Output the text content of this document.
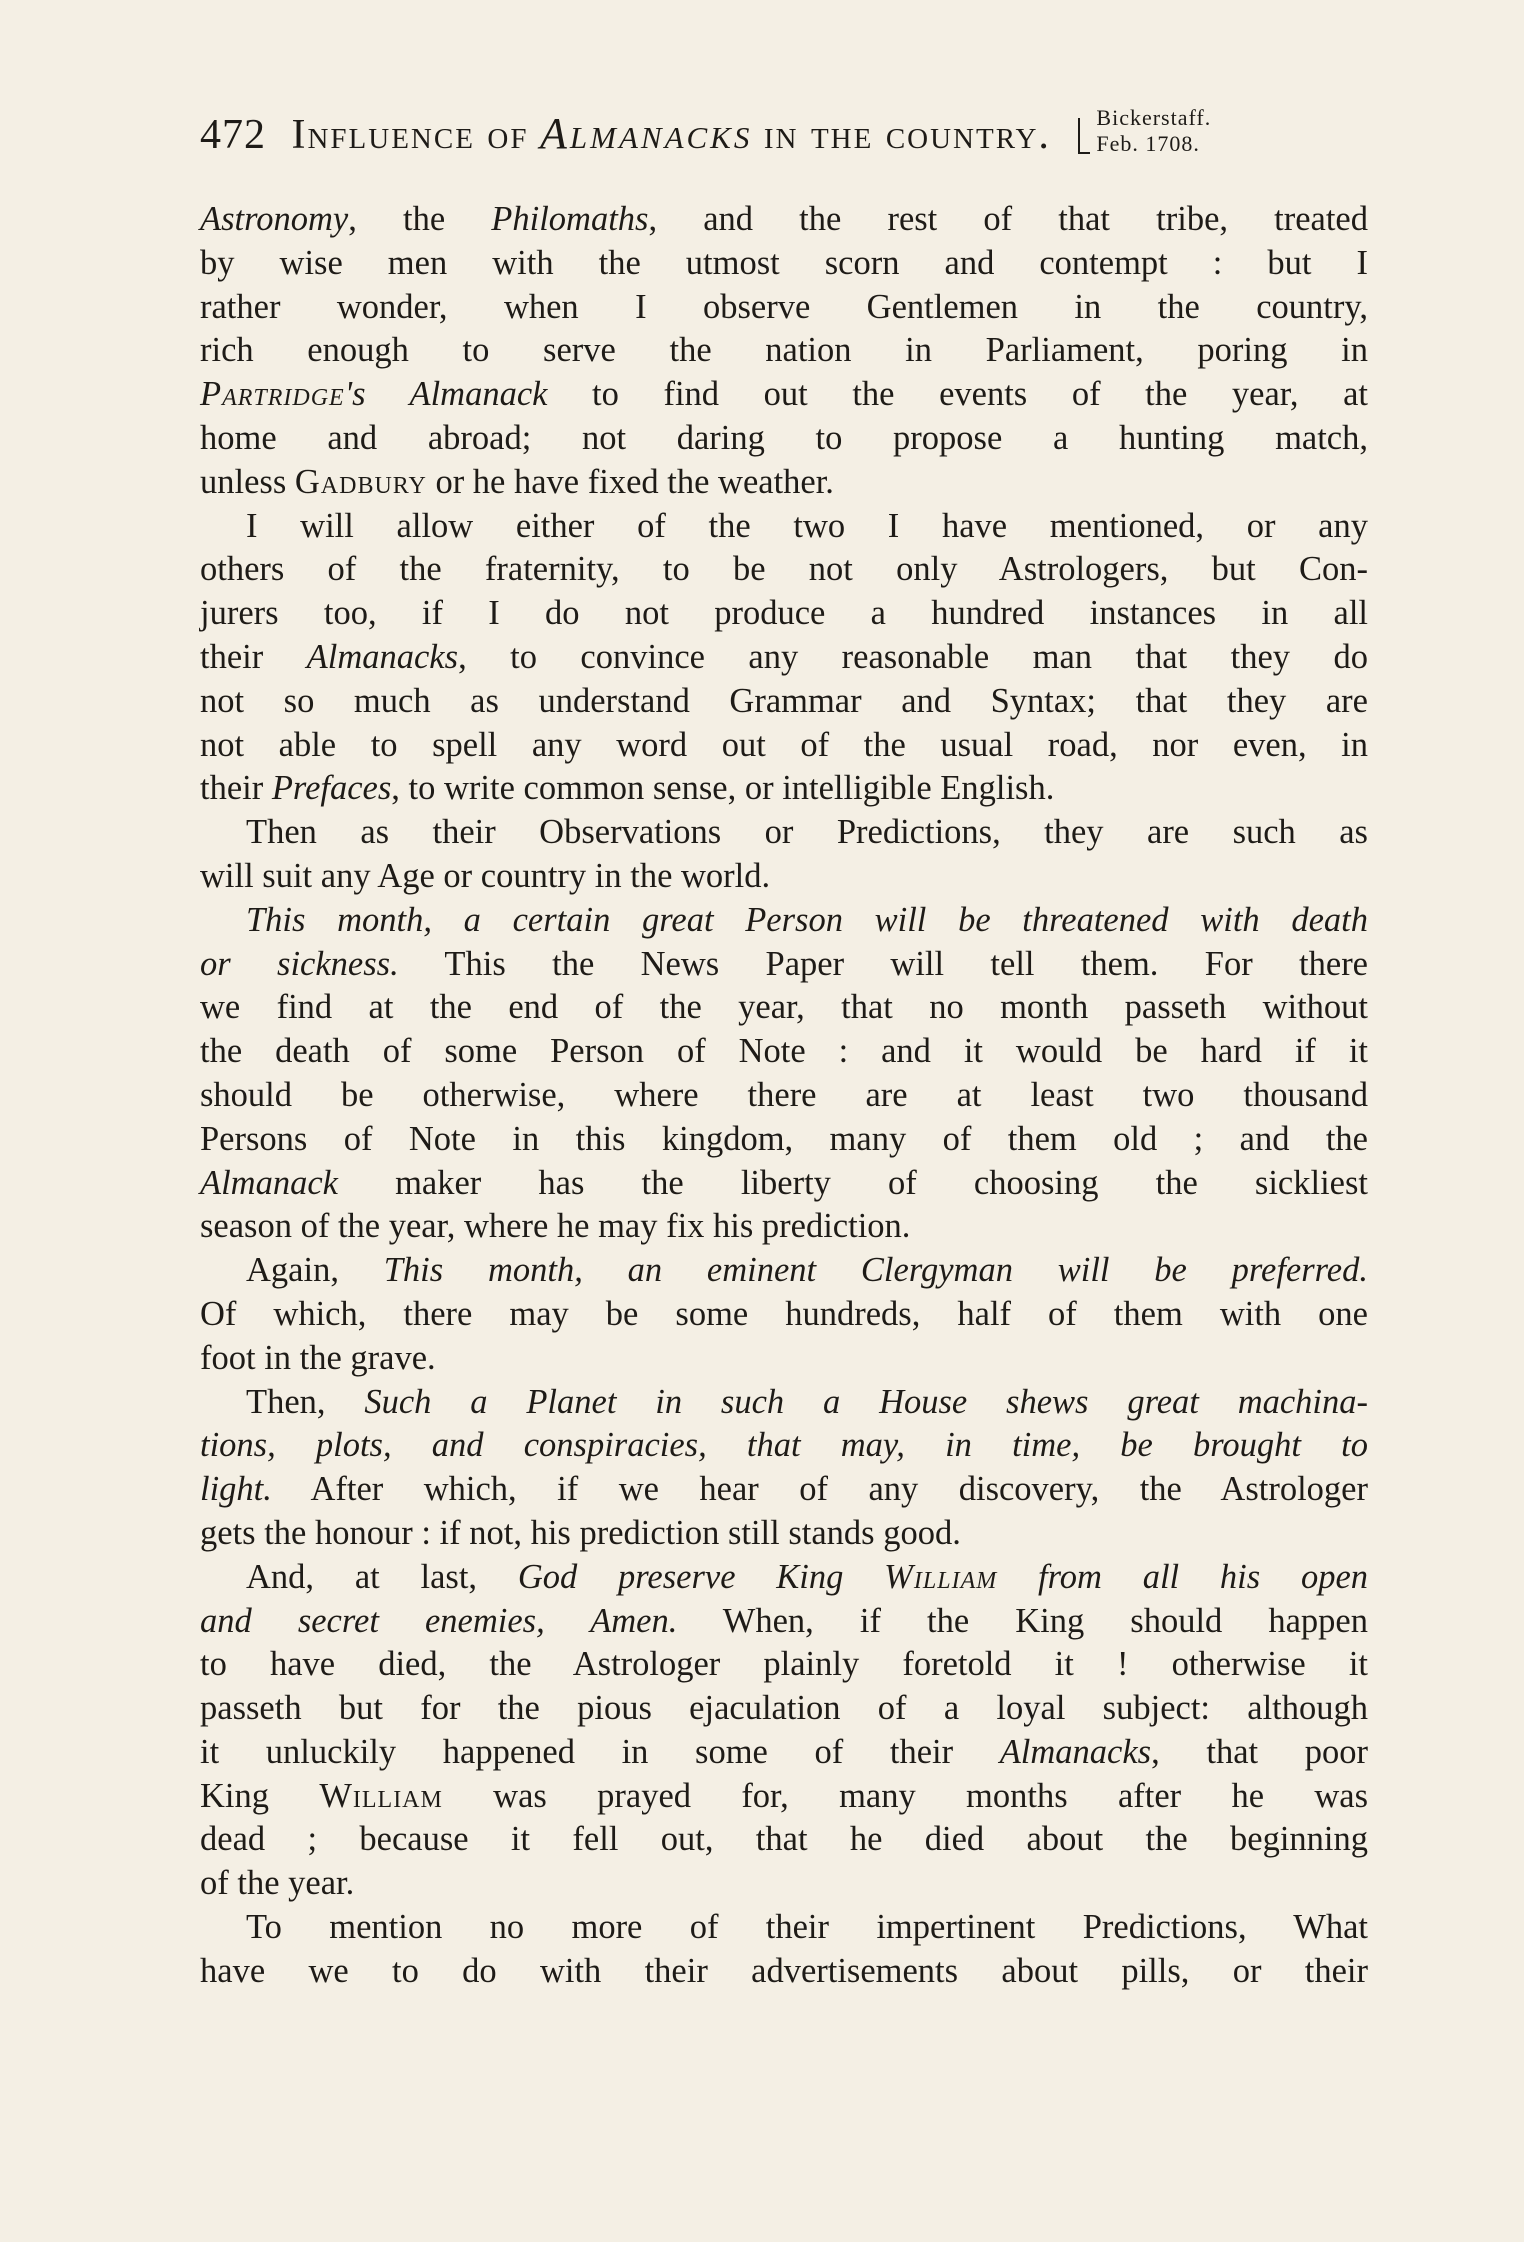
472 Influence of Almanacks in the country. Bickerstaff.
Feb. 1708.
Astronomy, the Philomaths, and the rest of that tribe, treated
by wise men with the utmost scorn and contempt : but I
rather wonder, when I observe Gentlemen in the country,
rich enough to serve the nation in Parliament, poring in
Partridge's Almanack to find out the events of the year, at
home and abroad; not daring to propose a hunting match,
unless Gadbury or he have fixed the weather.
I will allow either of the two I have mentioned, or any
others of the fraternity, to be not only Astrologers, but Con-
jurers too, if I do not produce a hundred instances in all
their Almanacks, to convince any reasonable man that they do
not so much as understand Grammar and Syntax; that they are
not able to spell any word out of the usual road, nor even, in
their Prefaces, to write common sense, or intelligible English.
Then as their Observations or Predictions, they are such as
will suit any Age or country in the world.
This month, a certain great Person will be threatened with death
or sickness. This the News Paper will tell them. For there
we find at the end of the year, that no month passeth without
the death of some Person of Note : and it would be hard if it
should be otherwise, where there are at least two thousand
Persons of Note in this kingdom, many of them old ; and the
Almanack maker has the liberty of choosing the sickliest
season of the year, where he may fix his prediction.
Again, This month, an eminent Clergyman will be preferred.
Of which, there may be some hundreds, half of them with one
foot in the grave.
Then, Such a Planet in such a House shews great machina-
tions, plots, and conspiracies, that may, in time, be brought to
light. After which, if we hear of any discovery, the Astrologer
gets the honour : if not, his prediction still stands good.
And, at last, God preserve King William from all his open
and secret enemies, Amen. When, if the King should happen
to have died, the Astrologer plainly foretold it ! otherwise it
passeth but for the pious ejaculation of a loyal subject: although
it unluckily happened in some of their Almanacks, that poor
King William was prayed for, many months after he was
dead ; because it fell out, that he died about the beginning
of the year.
To mention no more of their impertinent Predictions, What
have we to do with their advertisements about pills, or their
